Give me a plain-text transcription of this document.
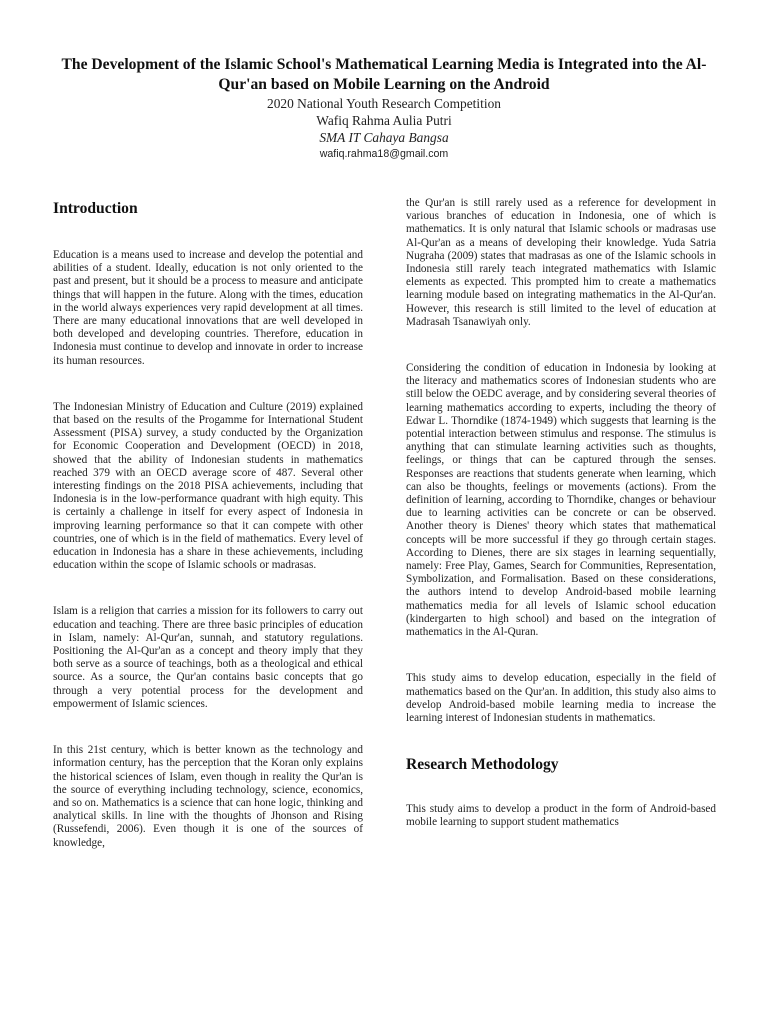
The Development of the Islamic School's Mathematical Learning Media is Integrated into the Al-Qur'an based on Mobile Learning on the Android

2020 National Youth Research Competition

Wafiq Rahma Aulia Putri

SMA IT Cahaya Bangsa

wafiq.rahma18@gmail.com

Introduction

Education is a means used to increase and develop the potential and abilities of a student. Ideally, education is not only oriented to the past and present, but it should be a process to measure and anticipate things that will happen in the future. Along with the times, education in the world always experiences very rapid development at all times. There are many educational innovations that are well developed in both developed and developing countries. Therefore, education in Indonesia must continue to develop and innovate in order to increase its human resources.

The Indonesian Ministry of Education and Culture (2019) explained that based on the results of the Progamme for International Student Assessment (PISA) survey, a study conducted by the Organization for Economic Cooperation and Development (OECD) in 2018, showed that the ability of Indonesian students in mathematics reached 379 with an OECD average score of 487. Several other interesting findings on the 2018 PISA achievements, including that Indonesia is in the low-performance quadrant with high equity. This is certainly a challenge in itself for every aspect of Indonesia in improving learning performance so that it can compete with other countries, one of which is in the field of mathematics. Every level of education in Indonesia has a share in these achievements, including education within the scope of Islamic schools or madrasas.

Islam is a religion that carries a mission for its followers to carry out education and teaching. There are three basic principles of education in Islam, namely: Al-Qur'an, sunnah, and statutory regulations. Positioning the Al-Qur'an as a concept and theory imply that they both serve as a source of teachings, both as a theological and ethical source. As a source, the Qur'an contains basic concepts that go through a very potential process for the development and empowerment of Islamic sciences.

In this 21st century, which is better known as the technology and information century, has the perception that the Koran only explains the historical sciences of Islam, even though in reality the Qur'an is the source of everything including technology, science, economics, and so on. Mathematics is a science that can hone logic, thinking and analytical skills. In line with the thoughts of Jhonson and Rising (Russefendi, 2006). Even though it is one of the sources of knowledge,

the Qur'an is still rarely used as a reference for development in various branches of education in Indonesia, one of which is mathematics. It is only natural that Islamic schools or madrasas use Al-Qur'an as a means of developing their knowledge. Yuda Satria Nugraha (2009) states that madrasas as one of the Islamic schools in Indonesia still rarely teach integrated mathematics with Islamic elements as expected. This prompted him to create a mathematics learning module based on integrating mathematics in the Al-Qur'an. However, this research is still limited to the level of education at Madrasah Tsanawiyah only.

Considering the condition of education in Indonesia by looking at the literacy and mathematics scores of Indonesian students who are still below the OEDC average, and by considering several theories of learning mathematics according to experts, including the theory of Edwar L. Thorndike (1874-1949) which suggests that learning is the potential interaction between stimulus and response. The stimulus is anything that can stimulate learning activities such as thoughts, feelings, or things that can be captured through the senses. Responses are reactions that students generate when learning, which can also be thoughts, feelings or movements (actions). From the definition of learning, according to Thorndike, changes or behaviour due to learning activities can be concrete or can be observed. Another theory is Dienes' theory which states that mathematical concepts will be more successful if they go through certain stages. According to Dienes, there are six stages in learning sequentially, namely: Free Play, Games, Search for Communities, Representation, Symbolization, and Formalisation. Based on these considerations, the authors intend to develop Android-based mobile learning mathematics media for all levels of Islamic school education (kindergarten to high school) and based on the integration of mathematics in the Al-Quran.

This study aims to develop education, especially in the field of mathematics based on the Qur'an. In addition, this study also aims to develop Android-based mobile learning media to increase the learning interest of Indonesian students in mathematics.

Research Methodology

This study aims to develop a product in the form of Android-based mobile learning to support student mathematics
